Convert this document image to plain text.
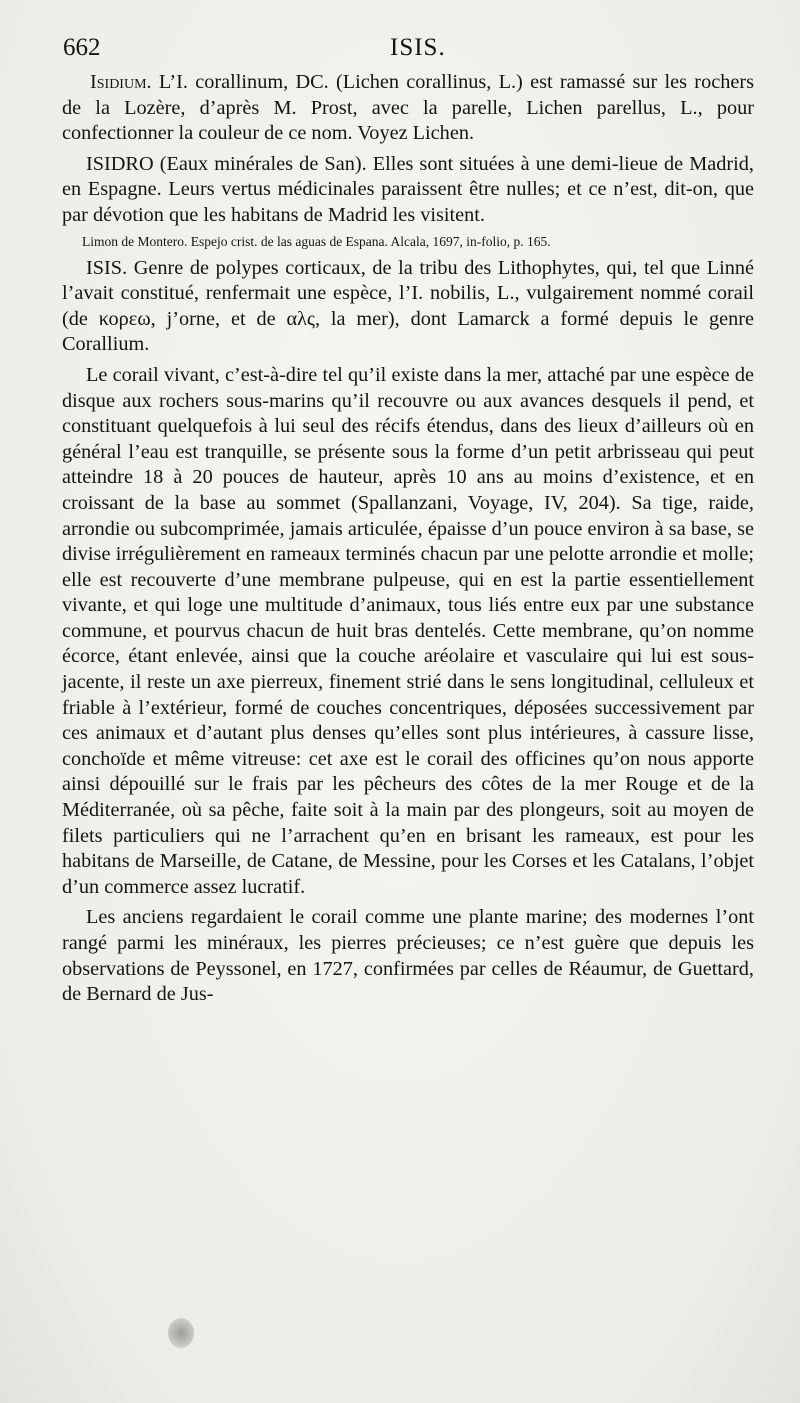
662	ISIS.

Isidium. L’I. corallinum, DC. (Lichen corallinus, L.) est ramassé sur les rochers de la Lozère, d’après M. Prost, avec la parelle, Lichen parellus, L., pour confectionner la couleur de ce nom. Voyez Lichen.

ISIDRO (Eaux minérales de San). Elles sont situées à une demi-lieue de Madrid, en Espagne. Leurs vertus médicinales paraissent être nulles; et ce n’est, dit-on, que par dévotion que les habitans de Madrid les visitent.

Limon de Montero. Espejo crist. de las aguas de Espana. Alcala, 1697, in-folio, p. 165.

ISIS. Genre de polypes corticaux, de la tribu des Lithophytes, qui, tel que Linné l’avait constitué, renfermait une espèce, l’I. nobilis, L., vulgairement nommé corail (de κορεω, j’orne, et de αλς, la mer), dont Lamarck a formé depuis le genre Corallium.

Le corail vivant, c’est-à-dire tel qu’il existe dans la mer, attaché par une espèce de disque aux rochers sous-marins qu’il recouvre ou aux avances desquels il pend, et constituant quelquefois à lui seul des récifs étendus, dans des lieux d’ailleurs où en général l’eau est tranquille, se présente sous la forme d’un petit arbrisseau qui peut atteindre 18 à 20 pouces de hauteur, après 10 ans au moins d’existence, et en croissant de la base au sommet (Spallanzani, Voyage, IV, 204). Sa tige, raide, arrondie ou subcomprimée, jamais articulée, épaisse d’un pouce environ à sa base, se divise irrégulièrement en rameaux terminés chacun par une pelotte arrondie et molle; elle est recouverte d’une membrane pulpeuse, qui en est la partie essentiellement vivante, et qui loge une multitude d’animaux, tous liés entre eux par une substance commune, et pourvus chacun de huit bras dentelés. Cette membrane, qu’on nomme écorce, étant enlevée, ainsi que la couche aréolaire et vasculaire qui lui est sous-jacente, il reste un axe pierreux, finement strié dans le sens longitudinal, celluleux et friable à l’extérieur, formé de couches concentriques, déposées successivement par ces animaux et d’autant plus denses qu’elles sont plus intérieures, à cassure lisse, conchoïde et même vitreuse: cet axe est le corail des officines qu’on nous apporte ainsi dépouillé sur le frais par les pêcheurs des côtes de la mer Rouge et de la Méditerranée, où sa pêche, faite soit à la main par des plongeurs, soit au moyen de filets particuliers qui ne l’arrachent qu’en en brisant les rameaux, est pour les habitans de Marseille, de Catane, de Messine, pour les Corses et les Catalans, l’objet d’un commerce assez lucratif.

Les anciens regardaient le corail comme une plante marine; des modernes l’ont rangé parmi les minéraux, les pierres précieuses; ce n’est guère que depuis les observations de Peyssonel, en 1727, confirmées par celles de Réaumur, de Guettard, de Bernard de Jus-
